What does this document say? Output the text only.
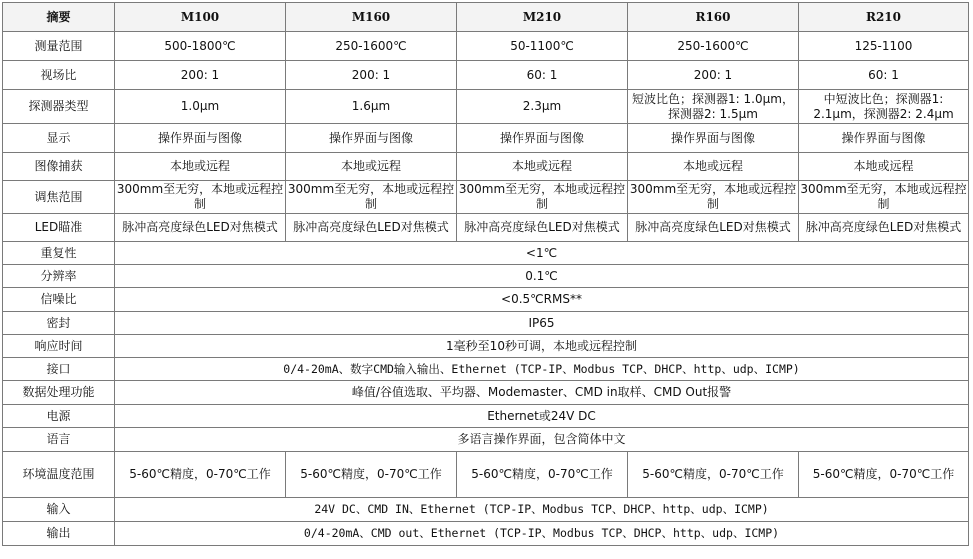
摘要	M100	M160	M210	R160	R210
测量范围	500-1800℃	250-1600℃	50-1100℃	250-1600℃	125-1100
视场比	200: 1	200: 1	60: 1	200: 1	60: 1
探测器类型	1.0μm	1.6μm	2.3μm	短波比色；探测器1: 1.0μm，探测器2: 1.5μm	中短波比色；探测器1: 2.1μm，探测器2: 2.4μm
显示	操作界面与图像	操作界面与图像	操作界面与图像	操作界面与图像	操作界面与图像
图像捕获	本地或远程	本地或远程	本地或远程	本地或远程	本地或远程
调焦范围	300mm至无穷，本地或远程控制	300mm至无穷，本地或远程控制	300mm至无穷，本地或远程控制	300mm至无穷，本地或远程控制	300mm至无穷，本地或远程控制
LED瞄准	脉冲高亮度绿色LED对焦模式	脉冲高亮度绿色LED对焦模式	脉冲高亮度绿色LED对焦模式	脉冲高亮度绿色LED对焦模式	脉冲高亮度绿色LED对焦模式
重复性	<1℃				
分辨率	0.1℃				
信噪比	<0.5℃RMS**				
密封	IP65				
响应时间	1毫秒至10秒可调，本地或远程控制				
接口	0/4-20mA、数字CMD输入输出、Ethernet (TCP-IP、Modbus TCP、DHCP、http、udp、ICMP)				
数据处理功能	峰值/谷值选取、平均器、Modemaster、CMD in取样、CMD Out报警				
电源	Ethernet或24V DC				
语言	多语言操作界面，包含简体中文				
环境温度范围	5-60℃精度，0-70℃工作	5-60℃精度，0-70℃工作	5-60℃精度，0-70℃工作	5-60℃精度，0-70℃工作	5-60℃精度，0-70℃工作
输入	24V DC、CMD IN、Ethernet (TCP-IP、Modbus TCP、DHCP、http、udp、ICMP)				
输出	0/4-20mA、CMD out、Ethernet (TCP-IP、Modbus TCP、DHCP、http、udp、ICMP)				
